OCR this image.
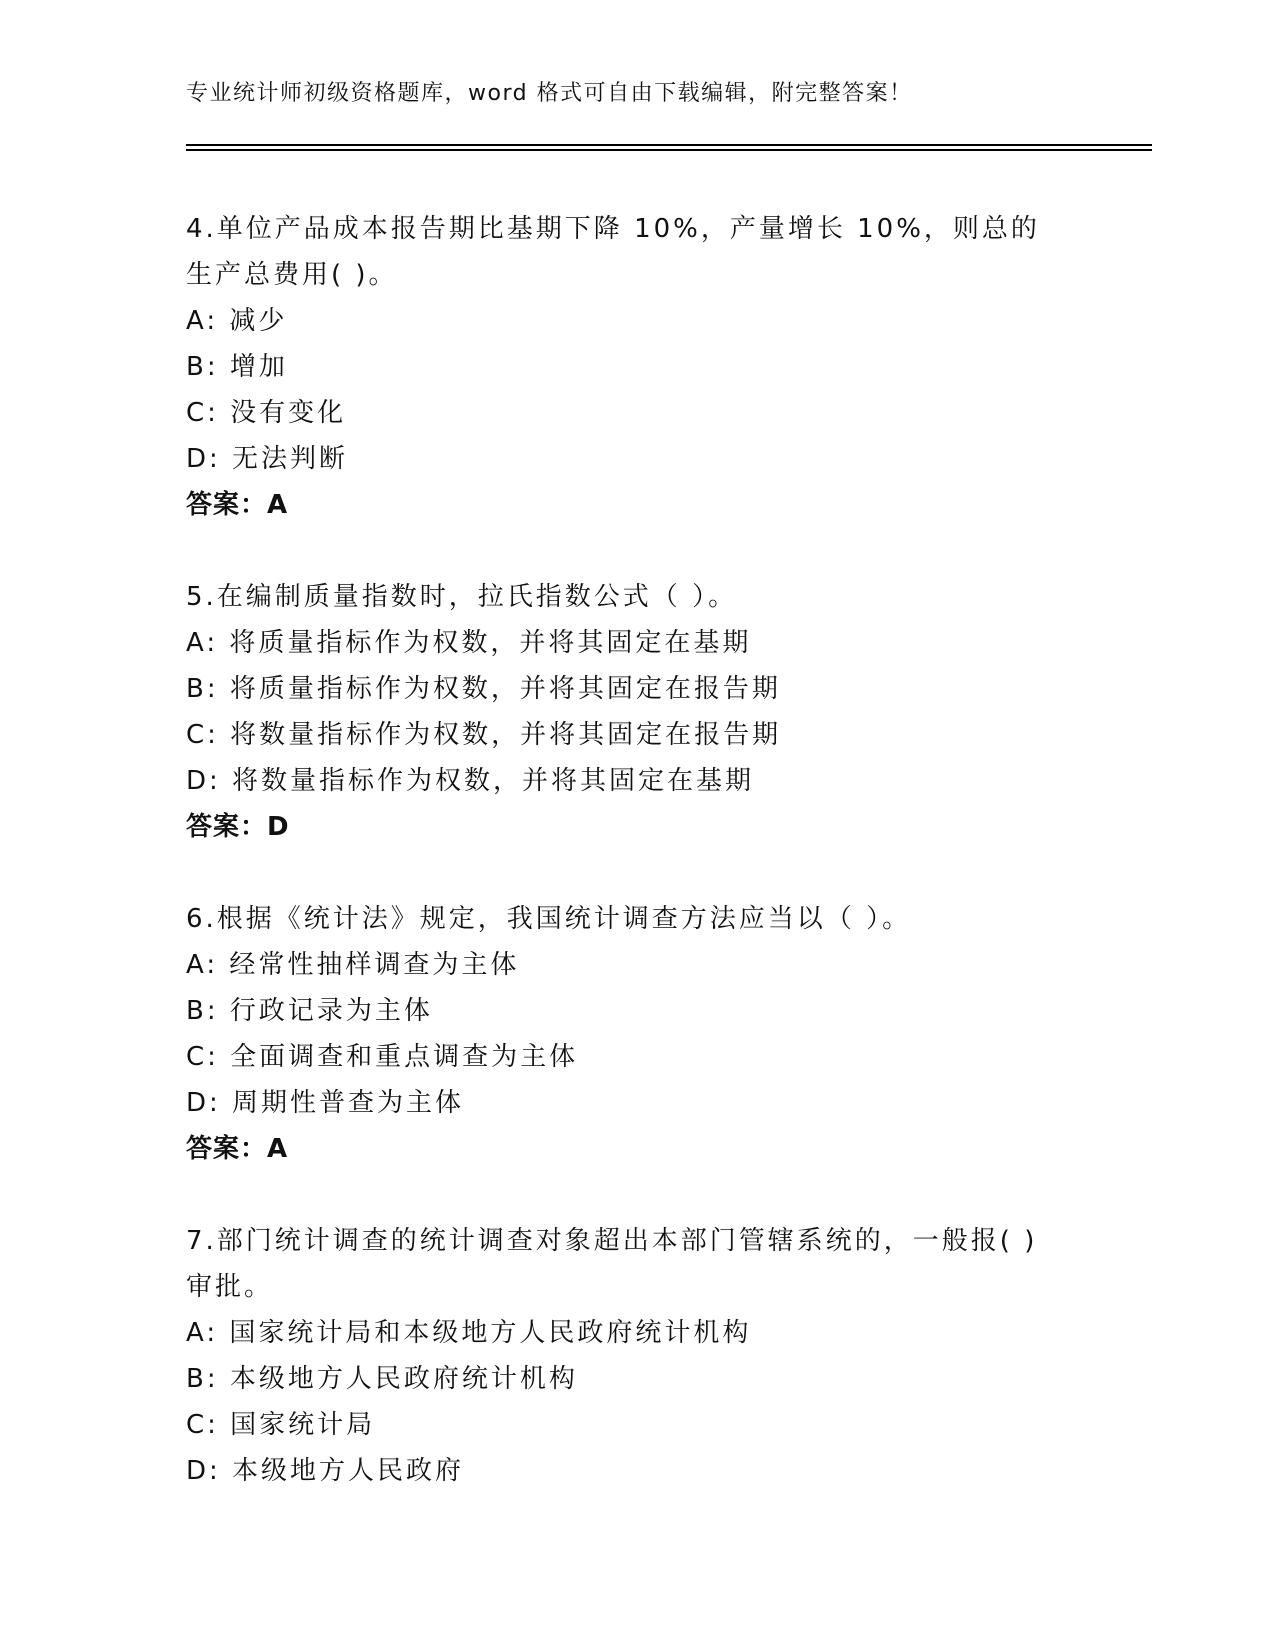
专业统计师初级资格题库，word 格式可自由下载编辑，附完整答案！
4.单位产品成本报告期比基期下降 10%，产量增长 10%，则总的生产总费用( )。
A: 减少
B: 增加
C: 没有变化
D: 无法判断
答案：A
5.在编制质量指数时，拉氏指数公式（ ）。
A: 将质量指标作为权数，并将其固定在基期
B: 将质量指标作为权数，并将其固定在报告期
C: 将数量指标作为权数，并将其固定在报告期
D: 将数量指标作为权数，并将其固定在基期
答案：D
6.根据《统计法》规定，我国统计调查方法应当以（ ）。
A: 经常性抽样调查为主体
B: 行政记录为主体
C: 全面调查和重点调查为主体
D: 周期性普查为主体
答案：A
7.部门统计调查的统计调查对象超出本部门管辖系统的，一般报( )审批。
A: 国家统计局和本级地方人民政府统计机构
B: 本级地方人民政府统计机构
C: 国家统计局
D: 本级地方人民政府
